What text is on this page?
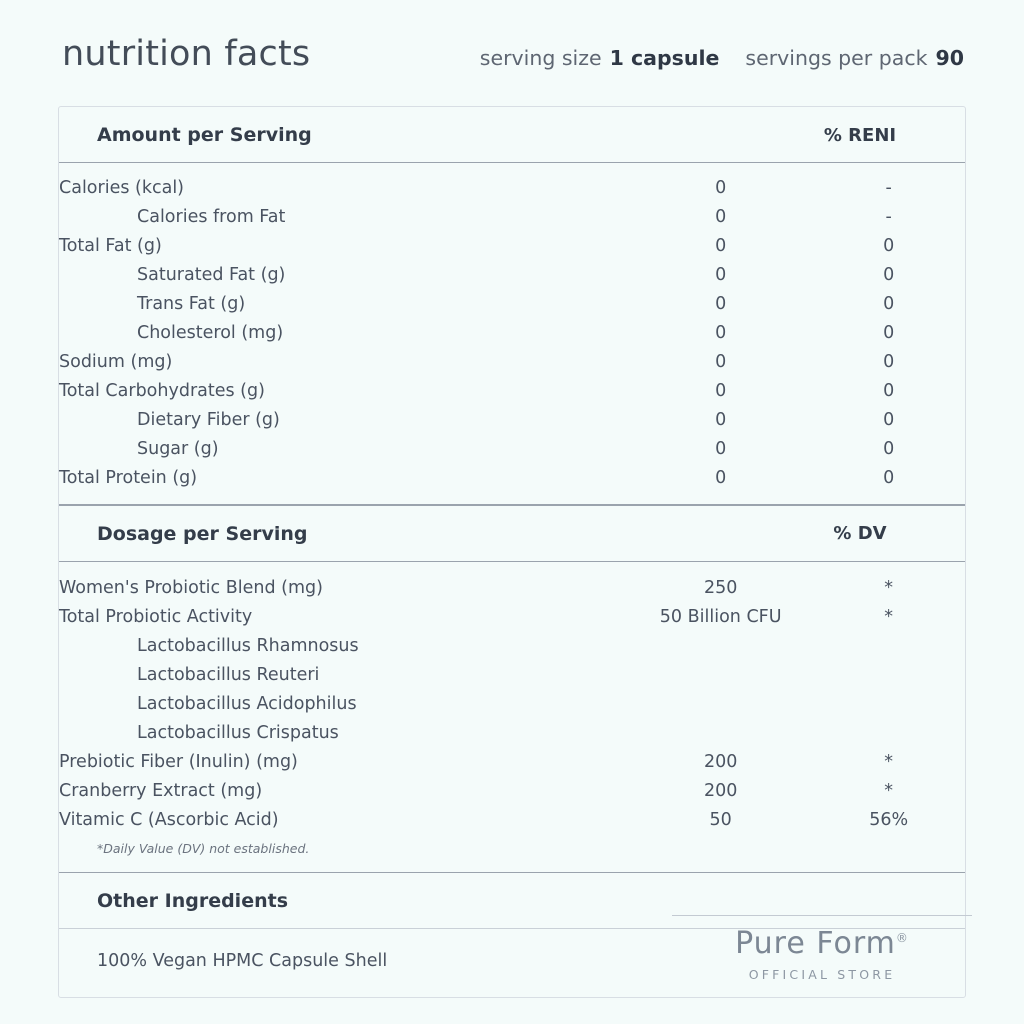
nutrition facts	serving size 1 capsule servings per pack 90
Amount per Serving	% RENI
Calories (kcal)	0	-
Calories from Fat	0	-
Total Fat (g)	0	0
Saturated Fat (g)	0	0
Trans Fat (g)	0	0
Cholesterol (mg)	0	0
Sodium (mg)	0	0
Total Carbohydrates (g)	0	0
Dietary Fiber (g)	0	0
Sugar (g)	0	0
Total Protein (g)	0	0
Dosage per Serving	% DV
Women's Probiotic Blend (mg)	250	*
Total Probiotic Activity	50 Billion CFU	*
Lactobacillus Rhamnosus		
Lactobacillus Reuteri		
Lactobacillus Acidophilus		
Lactobacillus Crispatus		
Prebiotic Fiber (Inulin) (mg)	200	*
Cranberry Extract (mg)	200	*
Vitamic C (Ascorbic Acid)	50	56%
*Daily Value (DV) not established.
Other Ingredients
100% Vegan HPMC Capsule Shell	Pure Form®
OFFICIAL STORE
